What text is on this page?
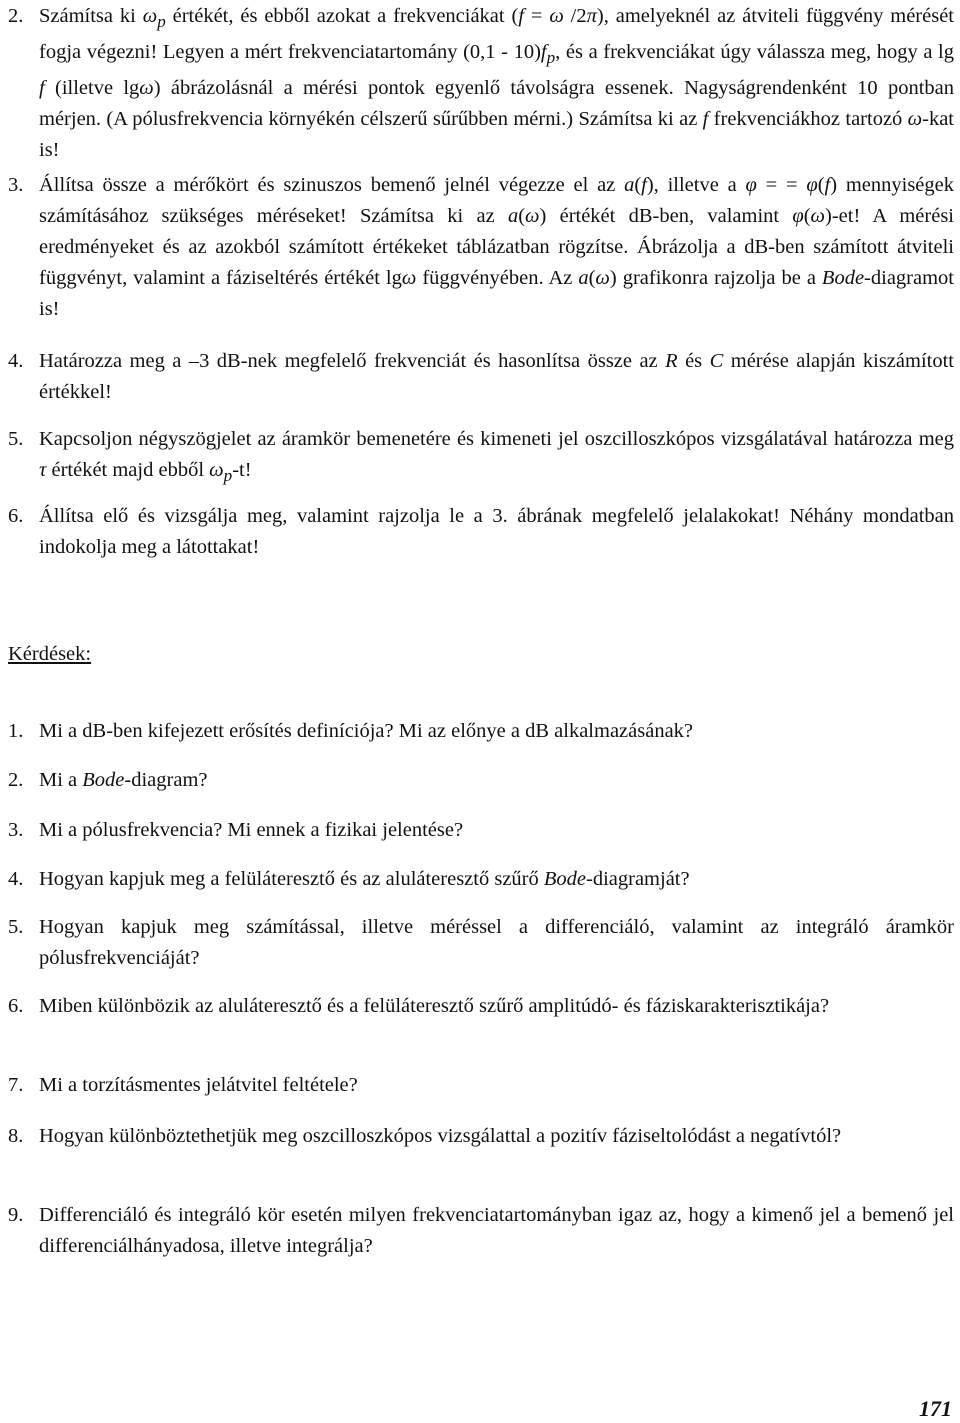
2. Számítsa ki $\omega_p$ értékét, és ebből azokat a frekvenciákat (f = ω /2π), amelyeknél az átviteli függvény mérését fogja végezni! Legyen a mért frekvenciatartomány $(0,1 - 10)f_p$, és a frekvenciákat úgy válassza meg, hogy a lg f (illetve lgω) ábrázolásnál a mérési pontok egyenlő távolságra essenek. Nagyságrendenként 10 pontban mérjen. (A pólusfrekvencia környékén célszerű sűrűbben mérni.) Számítsa ki az f frekvenciákhoz tartozó ω-kat is!
3. Állítsa össze a mérőkört és szinuszos bemenő jelnél végezze el az a(f), illetve a φ = = φ(f) mennyiségek számításához szükséges méréseket! Számítsa ki az a(ω) értékét dB-ben, valamint φ(ω)-et! A mérési eredményeket és az azokból számított értékeket táblázatban rögzítse. Ábrázolja a dB-ben számított átviteli függvényt, valamint a fáziseltérés értékét lgω függvényében. Az a(ω) grafikonra rajzolja be a Bode-diagramot is!
4. Határozza meg a –3 dB-nek megfelelő frekvenciát és hasonlítsa össze az R és C mérése alapján kiszámított értékkel!
5. Kapcsoljon négyszögjelet az áramkör bemenetére és kimeneti jel oszcilloszkópos vizsgálatával határozza meg τ értékét majd ebből $\omega_p-t$!
6. Állítsa elő és vizsgálja meg, valamint rajzolja le a 3. ábrának megfelelő jelalakokat! Néhány mondatban indokolja meg a látottakat!
Kérdések:
1. Mi a dB-ben kifejezett erősítés definíciója? Mi az előnye a dB alkalmazásának?
2. Mi a Bode-diagram?
3. Mi a pólusfrekvencia? Mi ennek a fizikai jelentése?
4. Hogyan kapjuk meg a felüláteresztő és az aluláteresztő szűrő Bode-diagramját?
5. Hogyan kapjuk meg számítással, illetve méréssel a differenciáló, valamint az integráló áramkör pólusfrekvenciáját?
6. Miben különbözik az aluláteresztő és a felüláteresztő szűrő amplitúdó- és fáziskarakterisztikája?
7. Mi a torzításmentes jelátvitel feltétele?
8. Hogyan különböztethetjük meg oszcilloszkópos vizsgálattal a pozitív fáziseltolódást a negatívtól?
9. Differenciáló és integráló kör esetén milyen frekvenciatartományban igaz az, hogy a kimenő jel a bemenő jel differenciálhányadosa, illetve integrálja?
171
